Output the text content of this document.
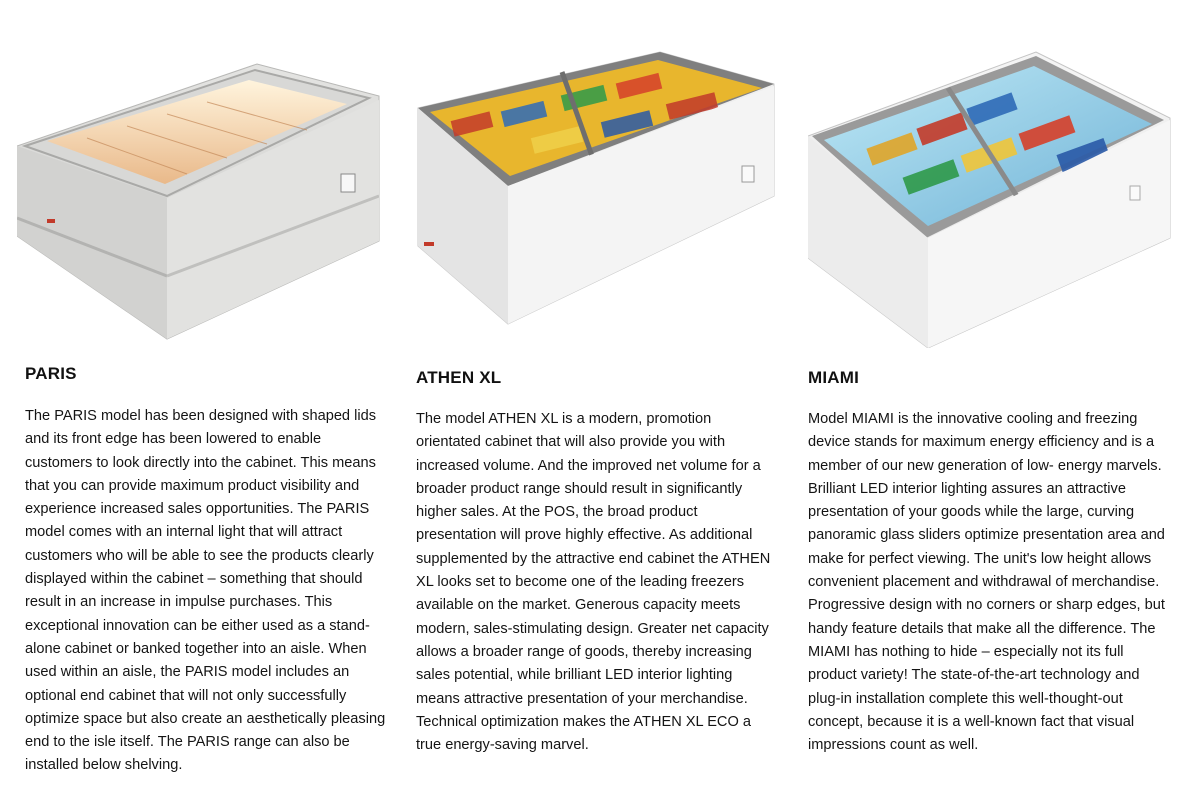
PARIS

The PARIS model has been designed with shaped lids and its front edge has been lowered to enable customers to look directly into the cabinet. This means that you can provide maximum product visibility and experience increased sales opportunities. The PARIS model comes with an internal light that will attract customers who will be able to see the products clearly displayed within the cabinet – something that should result in an increase in impulse purchases. This exceptional innovation can be either used as a stand-alone cabinet or banked together into an aisle. When used within an aisle, the PARIS model includes an optional end cabinet that will not only successfully optimize space but also create an aesthetically pleasing end to the isle itself. The PARIS range can also be installed below shelving.

ATHEN XL

The model ATHEN XL is a modern, promotion orientated cabinet that will also provide you with increased volume. And the improved net volume for a broader product range should result in significantly higher sales. At the POS, the broad product presentation will prove highly effective. As additional supplemented by the attractive end cabinet the ATHEN XL looks set to become one of the leading freezers available on the market. Generous capacity meets modern, sales-stimulating design. Greater net capacity allows a broader range of goods, thereby increasing sales potential, while brilliant LED interior lighting means attractive presentation of your merchandise. Technical optimization makes the ATHEN XL ECO a true energy-saving marvel.

MIAMI

Model MIAMI is the innovative cooling and freezing device stands for maximum energy efficiency and is a member of our new generation of low- energy marvels. Brilliant LED interior lighting assures an attractive presentation of your goods while the large, curving panoramic glass sliders optimize presentation area and make for perfect viewing. The unit's low height allows convenient placement and withdrawal of merchandise. Progressive design with no corners or sharp edges, but handy feature details that make all the difference. The MIAMI has nothing to hide – especially not its full product variety! The state-of-the-art technology and plug-in installation complete this well-thought-out concept, because it is a well-known fact that visual impressions count as well.
